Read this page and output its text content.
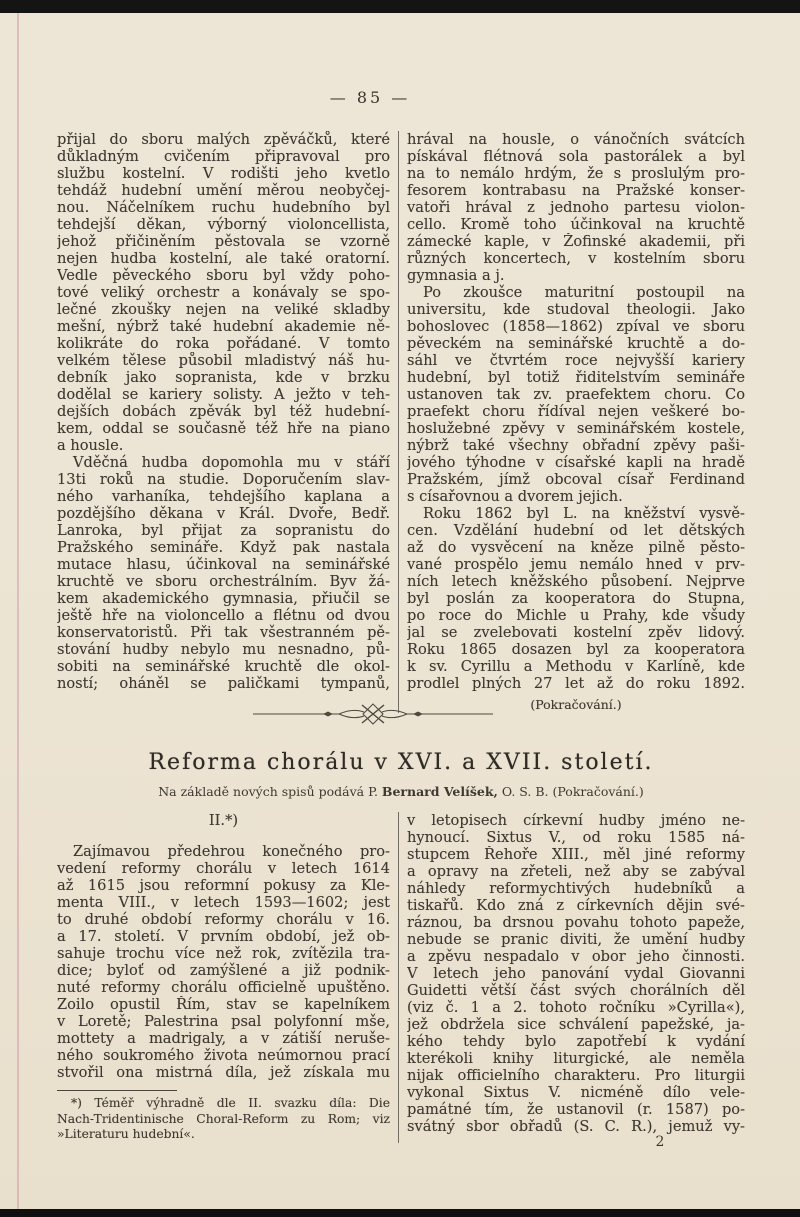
— 85 —
přijal do sboru malých zpěváčků, které
důkladným cvičením připravoval pro
službu kostelní. V rodišti jeho kvetlo
tehdáž hudební umění měrou neobyčej-
nou. Náčelníkem ruchu hudebního byl
tehdejší děkan, výborný violoncellista,
jehož přičiněním pěstovala se vzorně
nejen hudba kostelní, ale také oratorní.
Vedle pěveckého sboru byl vždy poho-
tové veliký orchestr a konávaly se spo-
lečné zkoušky nejen na veliké skladby
mešní, nýbrž také hudební akademie ně-
kolikráte do roka pořádané. V tomto
velkém tělese působil mladistvý náš hu-
debník jako sopranista, kde v brzku
dodělal se kariery solisty. A ježto v teh-
dejších dobách zpěvák byl též hudební-
kem, oddal se současně též hře na piano
a housle.
Vděčná hudba dopomohla mu v stáří
13ti roků na studie. Doporučením slav-
ného varhaníka, tehdejšího kaplana a
pozdějšího děkana v Král. Dvoře, Bedř.
Lanroka, byl přijat za sopranistu do
Pražského semináře. Když pak nastala
mutace hlasu, účinkoval na seminářské
kruchtě ve sboru orchestrálním. Byv žá-
kem akademického gymnasia, přiučil se
ještě hře na violoncello a flétnu od dvou
konservatoristů. Při tak všestranném pě-
stování hudby nebylo mu nesnadno, pů-
sobiti na seminářské kruchtě dle okol-
ností; oháněl se paličkami tympanů,
hrával na housle, o vánočních svátcích
pískával flétnová sola pastorálek a byl
na to nemálo hrdým, že s proslulým pro-
fesorem kontrabasu na Pražské konser-
vatoři hrával z jednoho partesu violon-
cello. Kromě toho účinkoval na kruchtě
zámecké kaple, v Žofinské akademii, při
různých koncertech, v kostelním sboru
gymnasia a j.
Po zkoušce maturitní postoupil na
universitu, kde studoval theologii. Jako
bohoslovec (1858—1862) zpíval ve sboru
pěveckém na seminářské kruchtě a do-
sáhl ve čtvrtém roce nejvyšší kariery
hudební, byl totiž řiditelstvím semináře
ustanoven tak zv. praefektem choru. Co
praefekt choru řídíval nejen veškeré bo-
hoslužebné zpěvy v seminářském kostele,
nýbrž také všechny obřadní zpěvy paši-
jového týhodne v císařské kapli na hradě
Pražském, jímž obcoval císař Ferdinand
s císařovnou a dvorem jejich.
Roku 1862 byl L. na kněžství vysvě-
cen. Vzdělání hudební od let dětských
až do vysvěcení na kněze pilně pěsto-
vané prospělo jemu nemálo hned v prv-
ních letech kněžského působení. Nejprve
byl poslán za kooperatora do Stupna,
po roce do Michle u Prahy, kde všudy
jal se zvelebovati kostelní zpěv lidový.
Roku 1865 dosazen byl za kooperatora
k sv. Cyrillu a Methodu v Karlíně, kde
prodlel plných 27 let až do roku 1892.
(Pokračování.)
Reforma chorálu v XVI. a XVII. století.
Na základě nových spisů podává P. Bernard Velíšek, O. S. B. (Pokračování.)
II.*)
Zajímavou předehrou konečného pro-
vedení reformy chorálu v letech 1614
až 1615 jsou reformní pokusy za Kle-
menta VIII., v letech 1593—1602; jest
to druhé období reformy chorálu v 16.
a 17. století. V prvním období, jež ob-
sahuje trochu více než rok, zvítězila tra-
dice; byloť od zamýšlené a již podnik-
nuté reformy chorálu officielně upuštěno.
Zoilo opustil Řím, stav se kapelníkem
v Loretě; Palestrina psal polyfonní mše,
mottety a madrigaly, a v zátiší neruše-
ného soukromého života neúmornou prací
stvořil ona mistrná díla, jež získala mu
*) Téměř výhradně dle II. svazku díla: Die
Nach-Tridentinische Choral-Reform zu Rom; viz
»Literaturu hudební«.
v letopisech církevní hudby jméno ne-
hynoucí. Sixtus V., od roku 1585 ná-
stupcem Řehoře XIII., měl jiné reformy
a opravy na zřeteli, než aby se zabýval
náhledy reformychtivých hudebníků a
tiskařů. Kdo zná z církevních dějin své-
ráznou, ba drsnou povahu tohoto papeže,
nebude se pranic diviti, že umění hudby
a zpěvu nespadalo v obor jeho činnosti.
V letech jeho panování vydal Giovanni
Guidetti větší část svých chorálních děl
(viz č. 1 a 2. tohoto ročníku »Cyrilla«),
jež obdržela sice schválení papežské, ja-
kého tehdy bylo zapotřebí k vydání
kterékoli knihy liturgické, ale neměla
nijak officielního charakteru. Pro liturgii
vykonal Sixtus V. nicméně dílo vele-
památné tím, že ustanovil (r. 1587) po-
svátný sbor obřadů (S. C. R.), jemuž vy-
2
